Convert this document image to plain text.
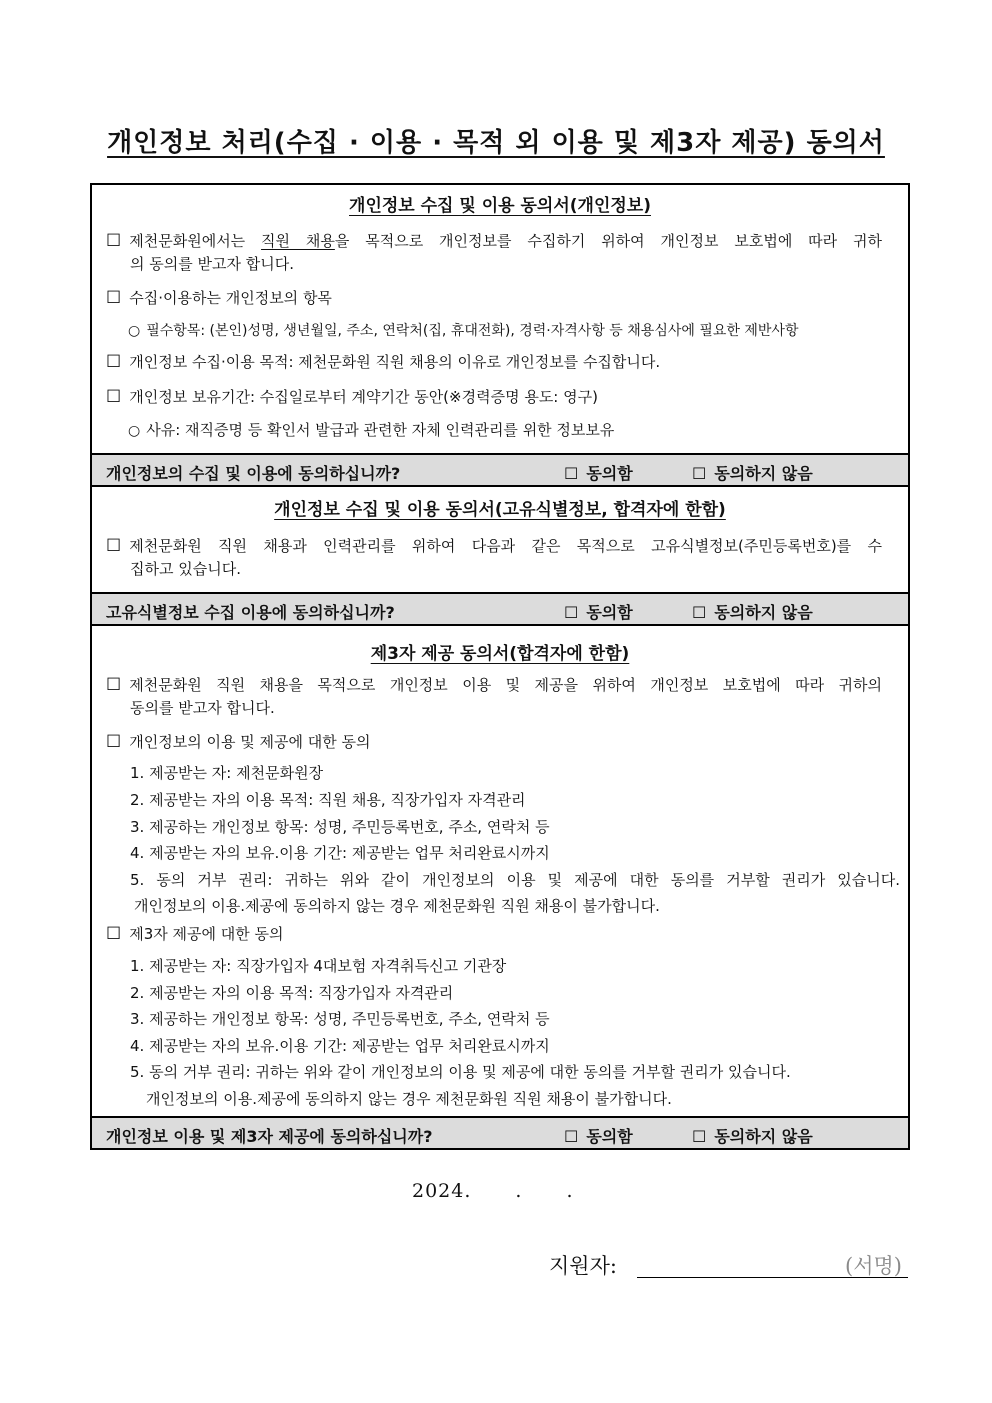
개인정보 처리(수집 · 이용 · 목적 외 이용 및 제3자 제공) 동의서
개인정보 수집 및 이용 동의서(개인정보)
☐ 제천문화원에서는 직원 채용을 목적으로 개인정보를 수집하기 위하여 개인정보 보호법에 따라 귀하
의 동의를 받고자 합니다.
☐ 수집·이용하는 개인정보의 항목
○ 필수항목: (본인)성명, 생년월일, 주소, 연락처(집, 휴대전화), 경력·자격사항 등 채용심사에 필요한 제반사항
☐ 개인정보 수집·이용 목적: 제천문화원 직원 채용의 이유로 개인정보를 수집합니다.
☐ 개인정보 보유기간: 수집일로부터 계약기간 동안(※경력증명 용도: 영구)
○ 사유: 재직증명 등 확인서 발급과 관련한 자체 인력관리를 위한 정보보유
개인정보의 수집 및 이용에 동의하십니까?	☐ 동의함	☐ 동의하지 않음
개인정보 수집 및 이용 동의서(고유식별정보, 합격자에 한함)
☐ 제천문화원 직원 채용과 인력관리를 위하여 다음과 같은 목적으로 고유식별정보(주민등록번호)를 수
집하고 있습니다.
고유식별정보 수집 이용에 동의하십니까?	☐ 동의함	☐ 동의하지 않음
제3자 제공 동의서(합격자에 한함)
☐ 제천문화원 직원 채용을 목적으로 개인정보 이용 및 제공을 위하여 개인정보 보호법에 따라 귀하의
동의를 받고자 합니다.
☐ 개인정보의 이용 및 제공에 대한 동의
1. 제공받는 자: 제천문화원장
2. 제공받는 자의 이용 목적: 직원 채용, 직장가입자 자격관리
3. 제공하는 개인정보 항목: 성명, 주민등록번호, 주소, 연락처 등
4. 제공받는 자의 보유.이용 기간: 제공받는 업무 처리완료시까지
5. 동의 거부 권리: 귀하는 위와 같이 개인정보의 이용 및 제공에 대한 동의를 거부할 권리가 있습니다.
개인정보의 이용.제공에 동의하지 않는 경우 제천문화원 직원 채용이 불가합니다.
☐ 제3자 제공에 대한 동의
1. 제공받는 자: 직장가입자 4대보험 자격취득신고 기관장
2. 제공받는 자의 이용 목적: 직장가입자 자격관리
3. 제공하는 개인정보 항목: 성명, 주민등록번호, 주소, 연락처 등
4. 제공받는 자의 보유.이용 기간: 제공받는 업무 처리완료시까지
5. 동의 거부 권리: 귀하는 위와 같이 개인정보의 이용 및 제공에 대한 동의를 거부할 권리가 있습니다.
개인정보의 이용.제공에 동의하지 않는 경우 제천문화원 직원 채용이 불가합니다.
개인정보 이용 및 제3자 제공에 동의하십니까?	☐ 동의함	☐ 동의하지 않음
2024. . .
지원자:	(서명)
